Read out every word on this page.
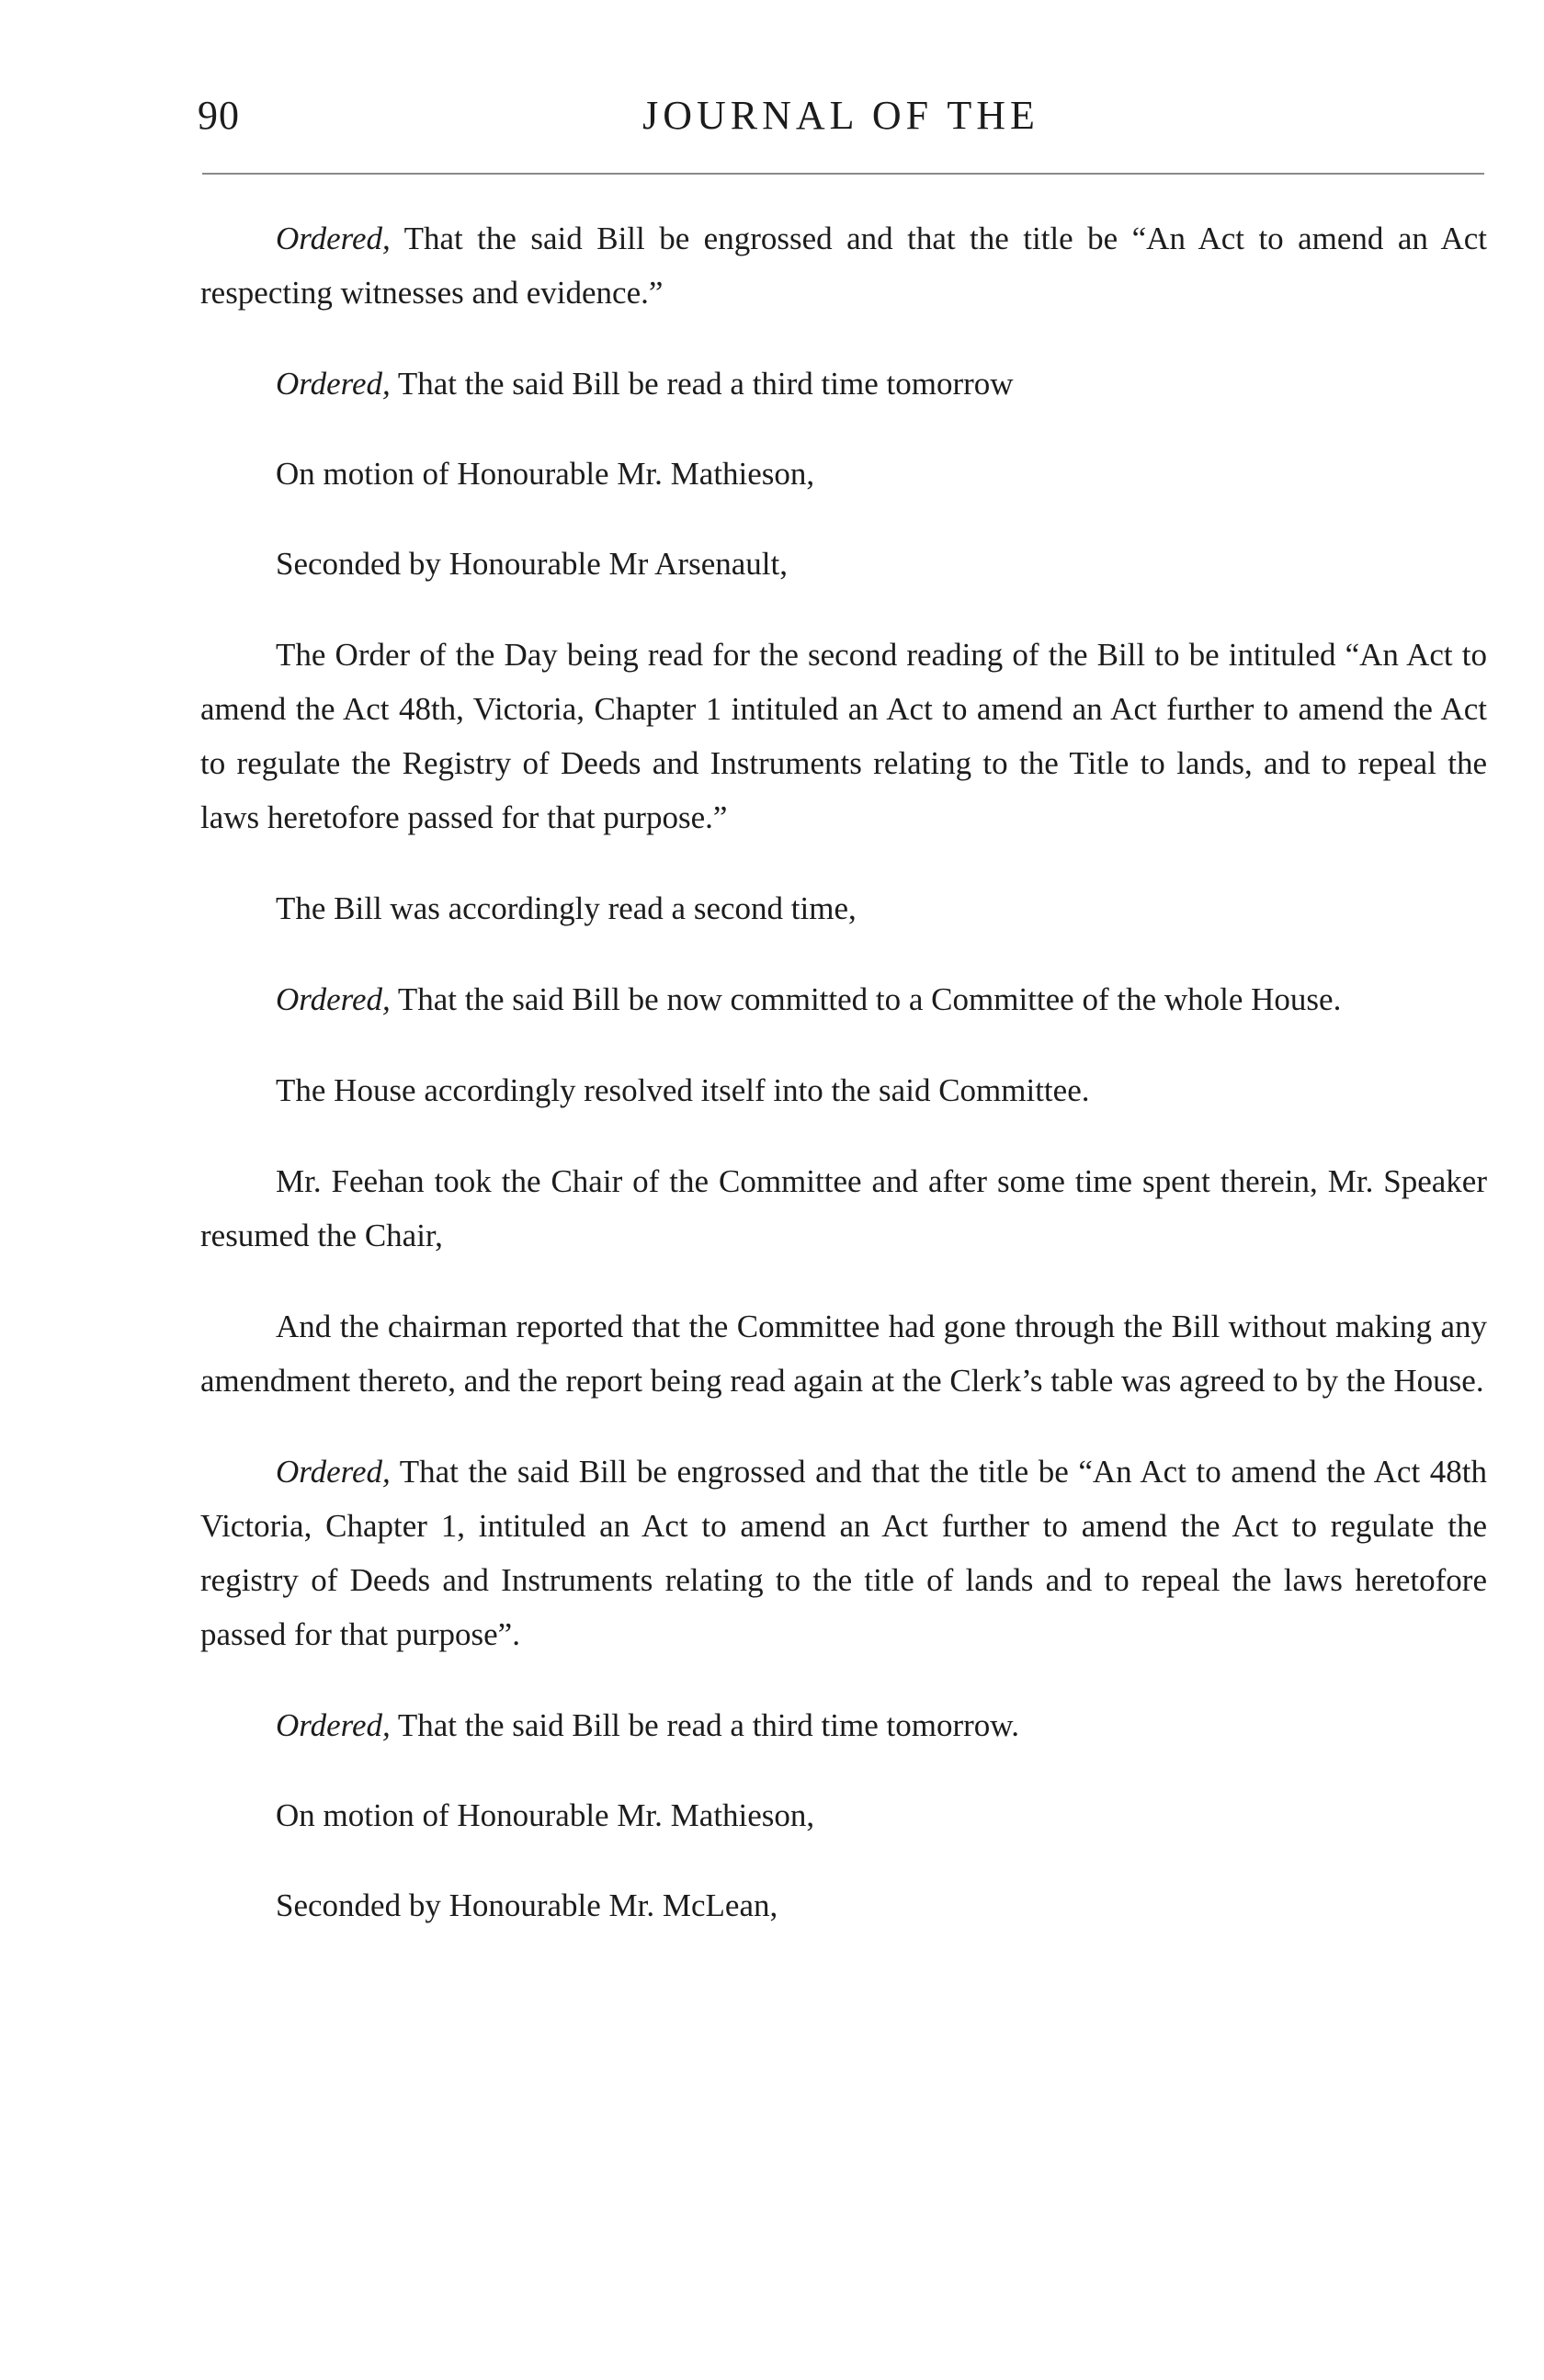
90	JOURNAL OF THE

Ordered, That the said Bill be engrossed and that the title be “An Act to amend an Act respecting witnesses and evidence.”

Ordered, That the said Bill be read a third time tomorrow

On motion of Honourable Mr. Mathieson,

Seconded by Honourable Mr Arsenault,

The Order of the Day being read for the second reading of the Bill to be intituled “An Act to amend the Act 48th, Victoria, Chapter 1 intituled an Act to amend an Act further to amend the Act to regulate the Registry of Deeds and Instruments relating to the Title to lands, and to repeal the laws heretofore passed for that purpose.”

The Bill was accordingly read a second time,

Ordered, That the said Bill be now committed to a Committee of the whole House.

The House accordingly resolved itself into the said Committee.

Mr. Feehan took the Chair of the Committee and after some time spent therein, Mr. Speaker resumed the Chair,

And the chairman reported that the Committee had gone through the Bill without making any amendment thereto, and the report being read again at the Clerk’s table was agreed to by the House.

Ordered, That the said Bill be engrossed and that the title be “An Act to amend the Act 48th Victoria, Chapter 1, intituled an Act to amend an Act further to amend the Act to regulate the registry of Deeds and Instruments relating to the title of lands and to repeal the laws heretofore passed for that purpose”.

Ordered, That the said Bill be read a third time tomorrow.

On motion of Honourable Mr. Mathieson,

Seconded by Honourable Mr. McLean,
